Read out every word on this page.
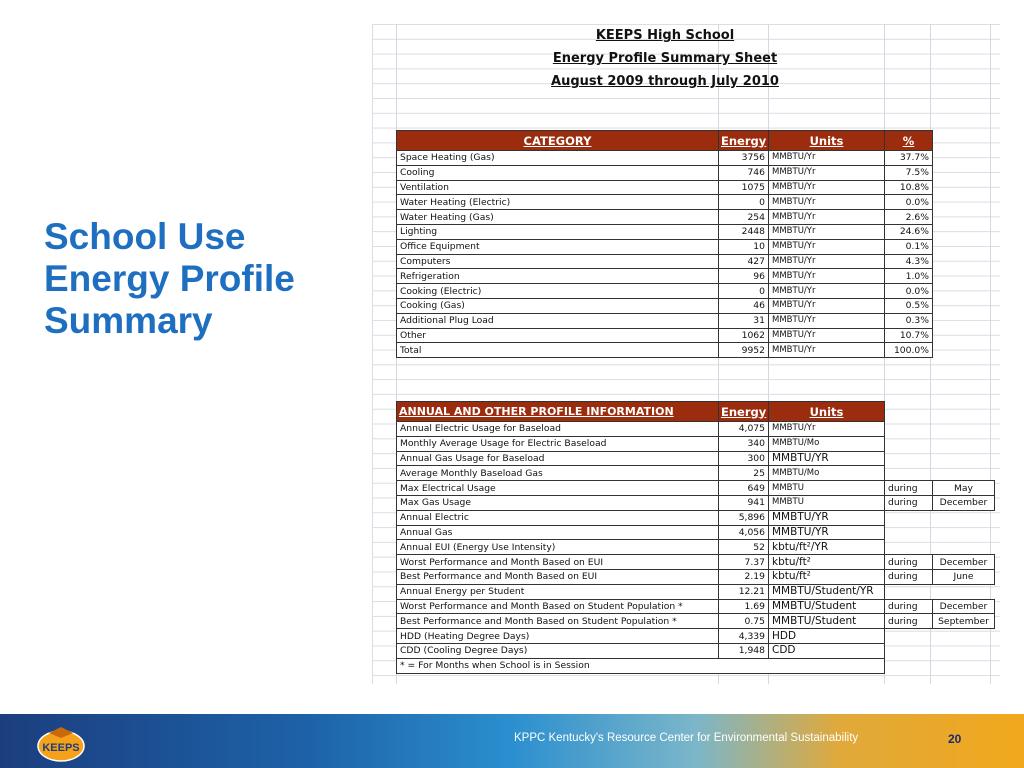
School Use
Energy Profile
Summary
KEEPS High School
Energy Profile Summary Sheet
August 2009 through July 2010
CATEGORY	Energy	Units	%
Space Heating (Gas)	3756	MMBTU/Yr	37.7%
Cooling	746	MMBTU/Yr	7.5%
Ventilation	1075	MMBTU/Yr	10.8%
Water Heating (Electric)	0	MMBTU/Yr	0.0%
Water Heating (Gas)	254	MMBTU/Yr	2.6%
Lighting	2448	MMBTU/Yr	24.6%
Office Equipment	10	MMBTU/Yr	0.1%
Computers	427	MMBTU/Yr	4.3%
Refrigeration	96	MMBTU/Yr	1.0%
Cooking (Electric)	0	MMBTU/Yr	0.0%
Cooking (Gas)	46	MMBTU/Yr	0.5%
Additional Plug Load	31	MMBTU/Yr	0.3%
Other	1062	MMBTU/Yr	10.7%
Total	9952	MMBTU/Yr	100.0%
ANNUAL AND OTHER PROFILE INFORMATION	Energy	Units		
Annual Electric Usage for Baseload	4,075	MMBTU/Yr		
Monthly Average Usage for Electric Baseload	340	MMBTU/Mo		
Annual Gas Usage for Baseload	300	MMBTU/YR		
Average Monthly Baseload Gas	25	MMBTU/Mo		
Max Electrical Usage	649	MMBTU	during	May
Max Gas Usage	941	MMBTU	during	December
Annual Electric	5,896	MMBTU/YR		
Annual Gas	4,056	MMBTU/YR		
Annual EUI (Energy Use Intensity)	52	kbtu/ft²/YR		
Worst Performance and Month Based on EUI	7.37	kbtu/ft²	during	December
Best Performance and Month Based on EUI	2.19	kbtu/ft²	during	June
Annual Energy per Student	12.21	MMBTU/Student/YR		
Worst Performance and Month Based on Student Population *	1.69	MMBTU/Student	during	December
Best Performance and Month Based on Student Population *	0.75	MMBTU/Student	during	September
HDD (Heating Degree Days)	4,339	HDD		
CDD (Cooling Degree Days)	1,948	CDD		
* = For Months when School is in Session				
KEEPS
KPPC Kentucky's Resource Center for Environmental Sustainability	20
